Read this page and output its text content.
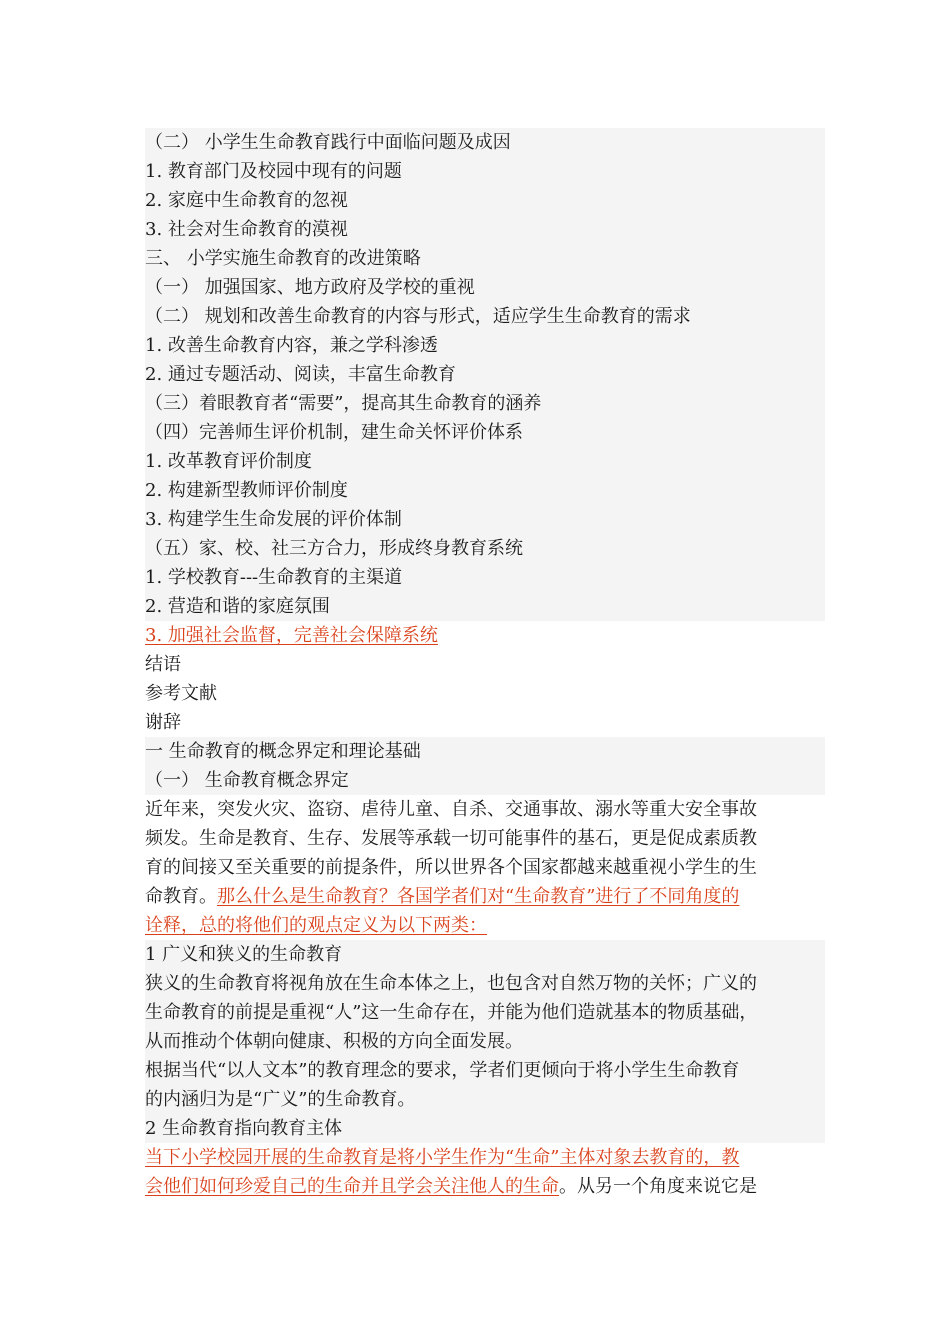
（二） 小学生生命教育践行中面临问题及成因
1. 教育部门及校园中现有的问题
2. 家庭中生命教育的忽视
3. 社会对生命教育的漠视
三、 小学实施生命教育的改进策略
（一） 加强国家、地方政府及学校的重视
（二） 规划和改善生命教育的内容与形式，适应学生生命教育的需求
1. 改善生命教育内容，兼之学科渗透
2. 通过专题活动、阅读，丰富生命教育
（三）着眼教育者“需要”，提高其生命教育的涵养
（四）完善师生评价机制，建生命关怀评价体系
1. 改革教育评价制度
2. 构建新型教师评价制度
3. 构建学生生命发展的评价体制
（五）家、校、社三方合力，形成终身教育系统
1. 学校教育---生命教育的主渠道
2. 营造和谐的家庭氛围
3. 加强社会监督，完善社会保障系统
结语
参考文献
谢辞
一 生命教育的概念界定和理论基础
（一） 生命教育概念界定
近年来，突发火灾、盗窃、虐待儿童、自杀、交通事故、溺水等重大安全事故
频发。生命是教育、生存、发展等承载一切可能事件的基石，更是促成素质教
育的间接又至关重要的前提条件，所以世界各个国家都越来越重视小学生的生
命教育。那么什么是生命教育？各国学者们对“生命教育”进行了不同角度的
诠释，总的将他们的观点定义为以下两类：
1 广义和狭义的生命教育
狭义的生命教育将视角放在生命本体之上，也包含对自然万物的关怀；广义的
生命教育的前提是重视“人”这一生命存在，并能为他们造就基本的物质基础，
从而推动个体朝向健康、积极的方向全面发展。
根据当代“以人文本”的教育理念的要求，学者们更倾向于将小学生生命教育
的内涵归为是“广义”的生命教育。
2 生命教育指向教育主体
当下小学校园开展的生命教育是将小学生作为“生命”主体对象去教育的，教
会他们如何珍爱自己的生命并且学会关注他人的生命。从另一个角度来说它是
